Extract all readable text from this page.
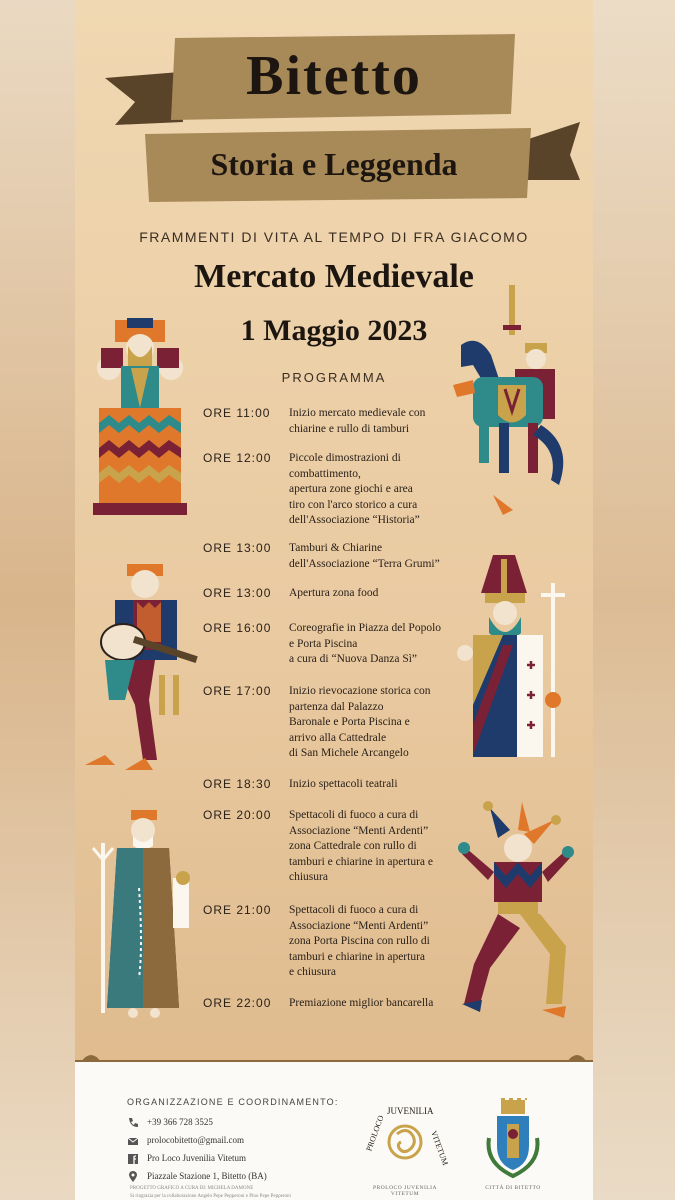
Bitetto
Storia e Leggenda
FRAMMENTI DI VITA AL TEMPO DI FRA GIACOMO
Mercato Medievale
1 Maggio 2023
PROGRAMMA
ORE 11:00	Inizio mercato medievale con
chiarine e rullo di tamburi
ORE 12:00	Piccole dimostrazioni di
combattimento,
apertura zone giochi e area
tiro con l'arco storico a cura
dell'Associazione “Historia”
ORE 13:00	Tamburi & Chiarine
dell'Associazione “Terra Grumi”
ORE 13:00	Apertura zona food
ORE 16:00	Coreografie in Piazza del Popolo
e Porta Piscina
a cura di “Nuova Danza Sì”
ORE 17:00	Inizio rievocazione storica con
partenza dal Palazzo
Baronale e Porta Piscina e
arrivo alla Cattedrale
di San Michele Arcangelo
ORE 18:30	Inizio spettacoli teatrali
ORE 20:00	Spettacoli di fuoco a cura di
Associazione “Menti Ardenti”
zona Cattedrale con rullo di
tamburi e chiarine in apertura e
chiusura
ORE 21:00	Spettacoli di fuoco a cura di
Associazione “Menti Ardenti”
zona Porta Piscina con rullo di
tamburi e chiarine in apertura
e chiusura
ORE 22:00	Premiazione miglior bancarella
ORGANIZZAZIONE E COORDINAMENTO:
+39 366 728 3525
prolocobitetto@gmail.com
Pro Loco Juvenilia Vitetum
Piazzale Stazione 1, Bitetto (BA)
PROGETTO GRAFICO A CURA DI: MICHELA DAMONE
Si ringrazia per la collaborazione Angelo Pepe Pepperoni e Pino Pepe Pepperoni
JUVENILIA
PROLOCO	VITETUM
PROLOCO JUVENILIA VITETUM
CITTÀ DI BITETTO
